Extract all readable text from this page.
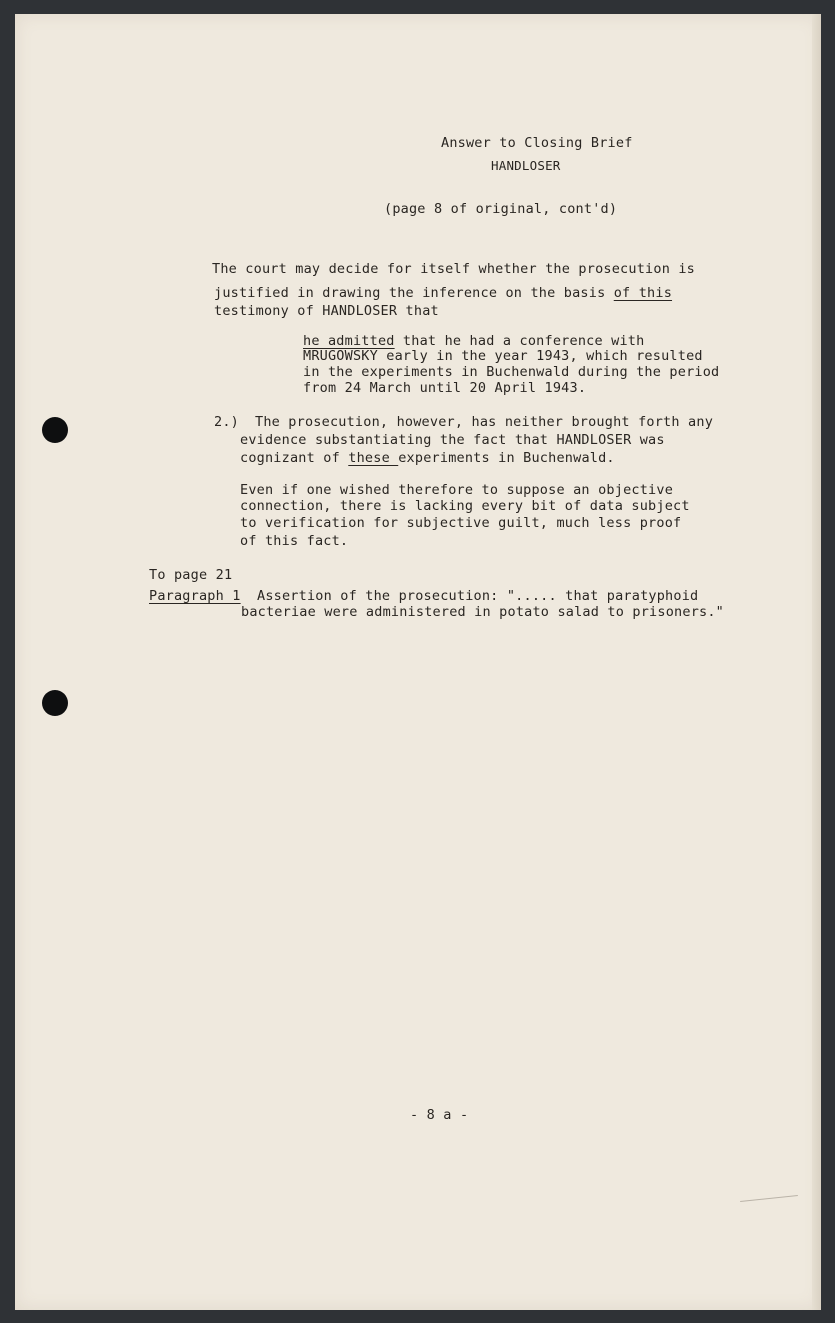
Answer to Closing Brief

HANDLOSER

(page 8 of original, cont'd)

The court may decide for itself whether the prosecution is

justified in drawing the inference on the basis of this

testimony of HANDLOSER that

he admitted that he had a conference with

MRUGOWSKY early in the year 1943, which resulted

in the experiments in Buchenwald during the period

from 24 March until 20 April 1943.

2.) The prosecution, however, has neither brought forth any

evidence substantiating the fact that HANDLOSER was

cognizant of these experiments in Buchenwald.

Even if one wished therefore to suppose an objective

connection, there is lacking every bit of data subject

to verification for subjective guilt, much less proof

of this fact.

To page 21

Paragraph 1 Assertion of the prosecution: "..... that paratyphoid

bacteriae were administered in potato salad to prisoners."

- 8 a -
